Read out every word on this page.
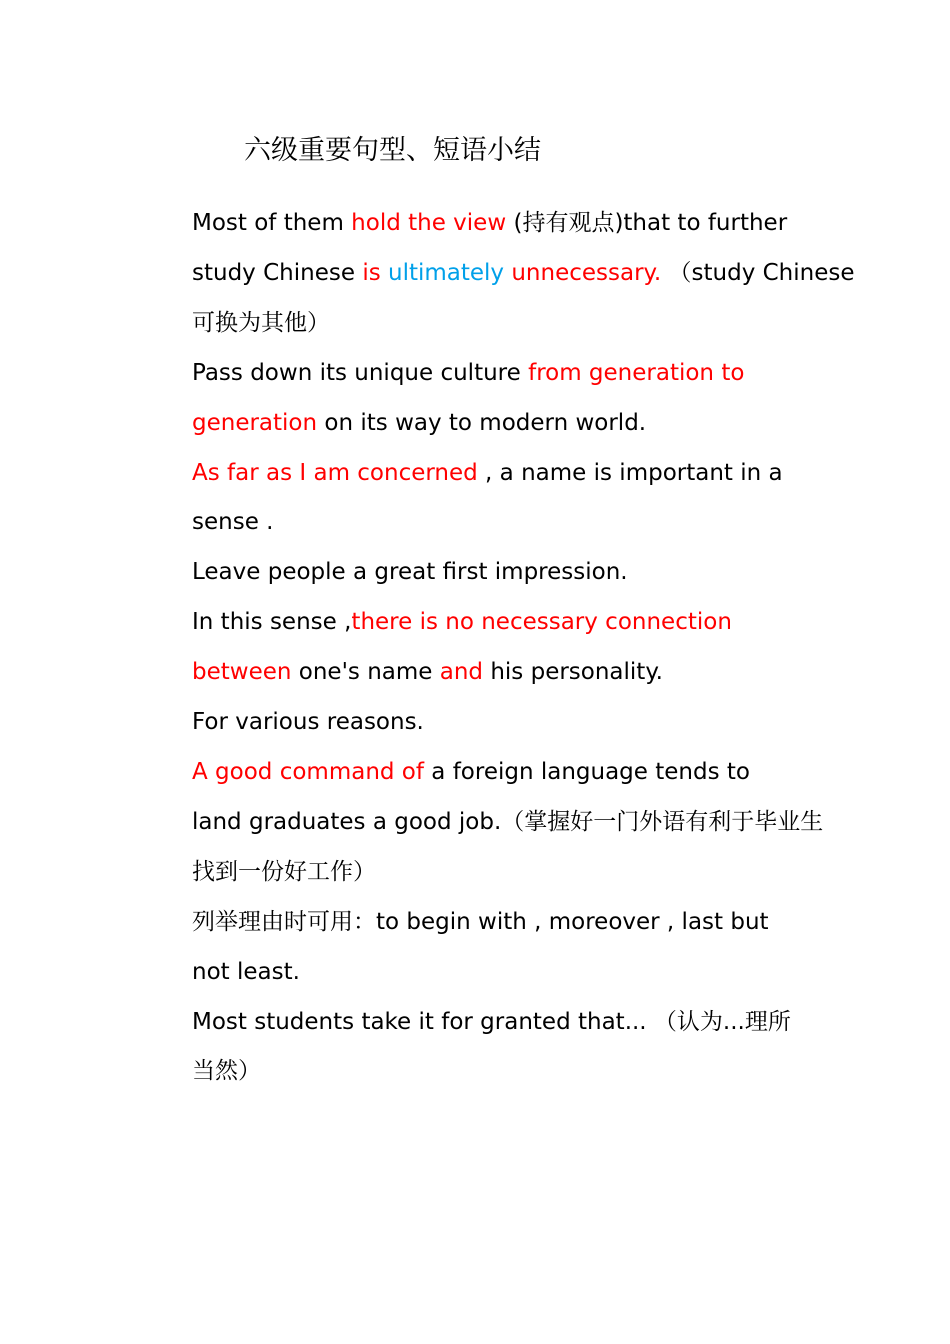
六级重要句型、短语小结

Most of them hold the view (持有观点)that to further
study Chinese is ultimately unnecessary. （study Chinese
可换为其他）

Pass down its unique culture from generation to
generation on its way to modern world.

As far as I am concerned , a name is important in a
sense .

Leave people a great first impression.

In this sense ,there is no necessary connection
between one's name and his personality.

For various reasons.

A good command of a foreign language tends to
land graduates a good job.（掌握好一门外语有利于毕业生
找到一份好工作）

列举理由时可用：to begin with , moreover , last but
not least.

Most students take it for granted that... （认为...理所
当然）
